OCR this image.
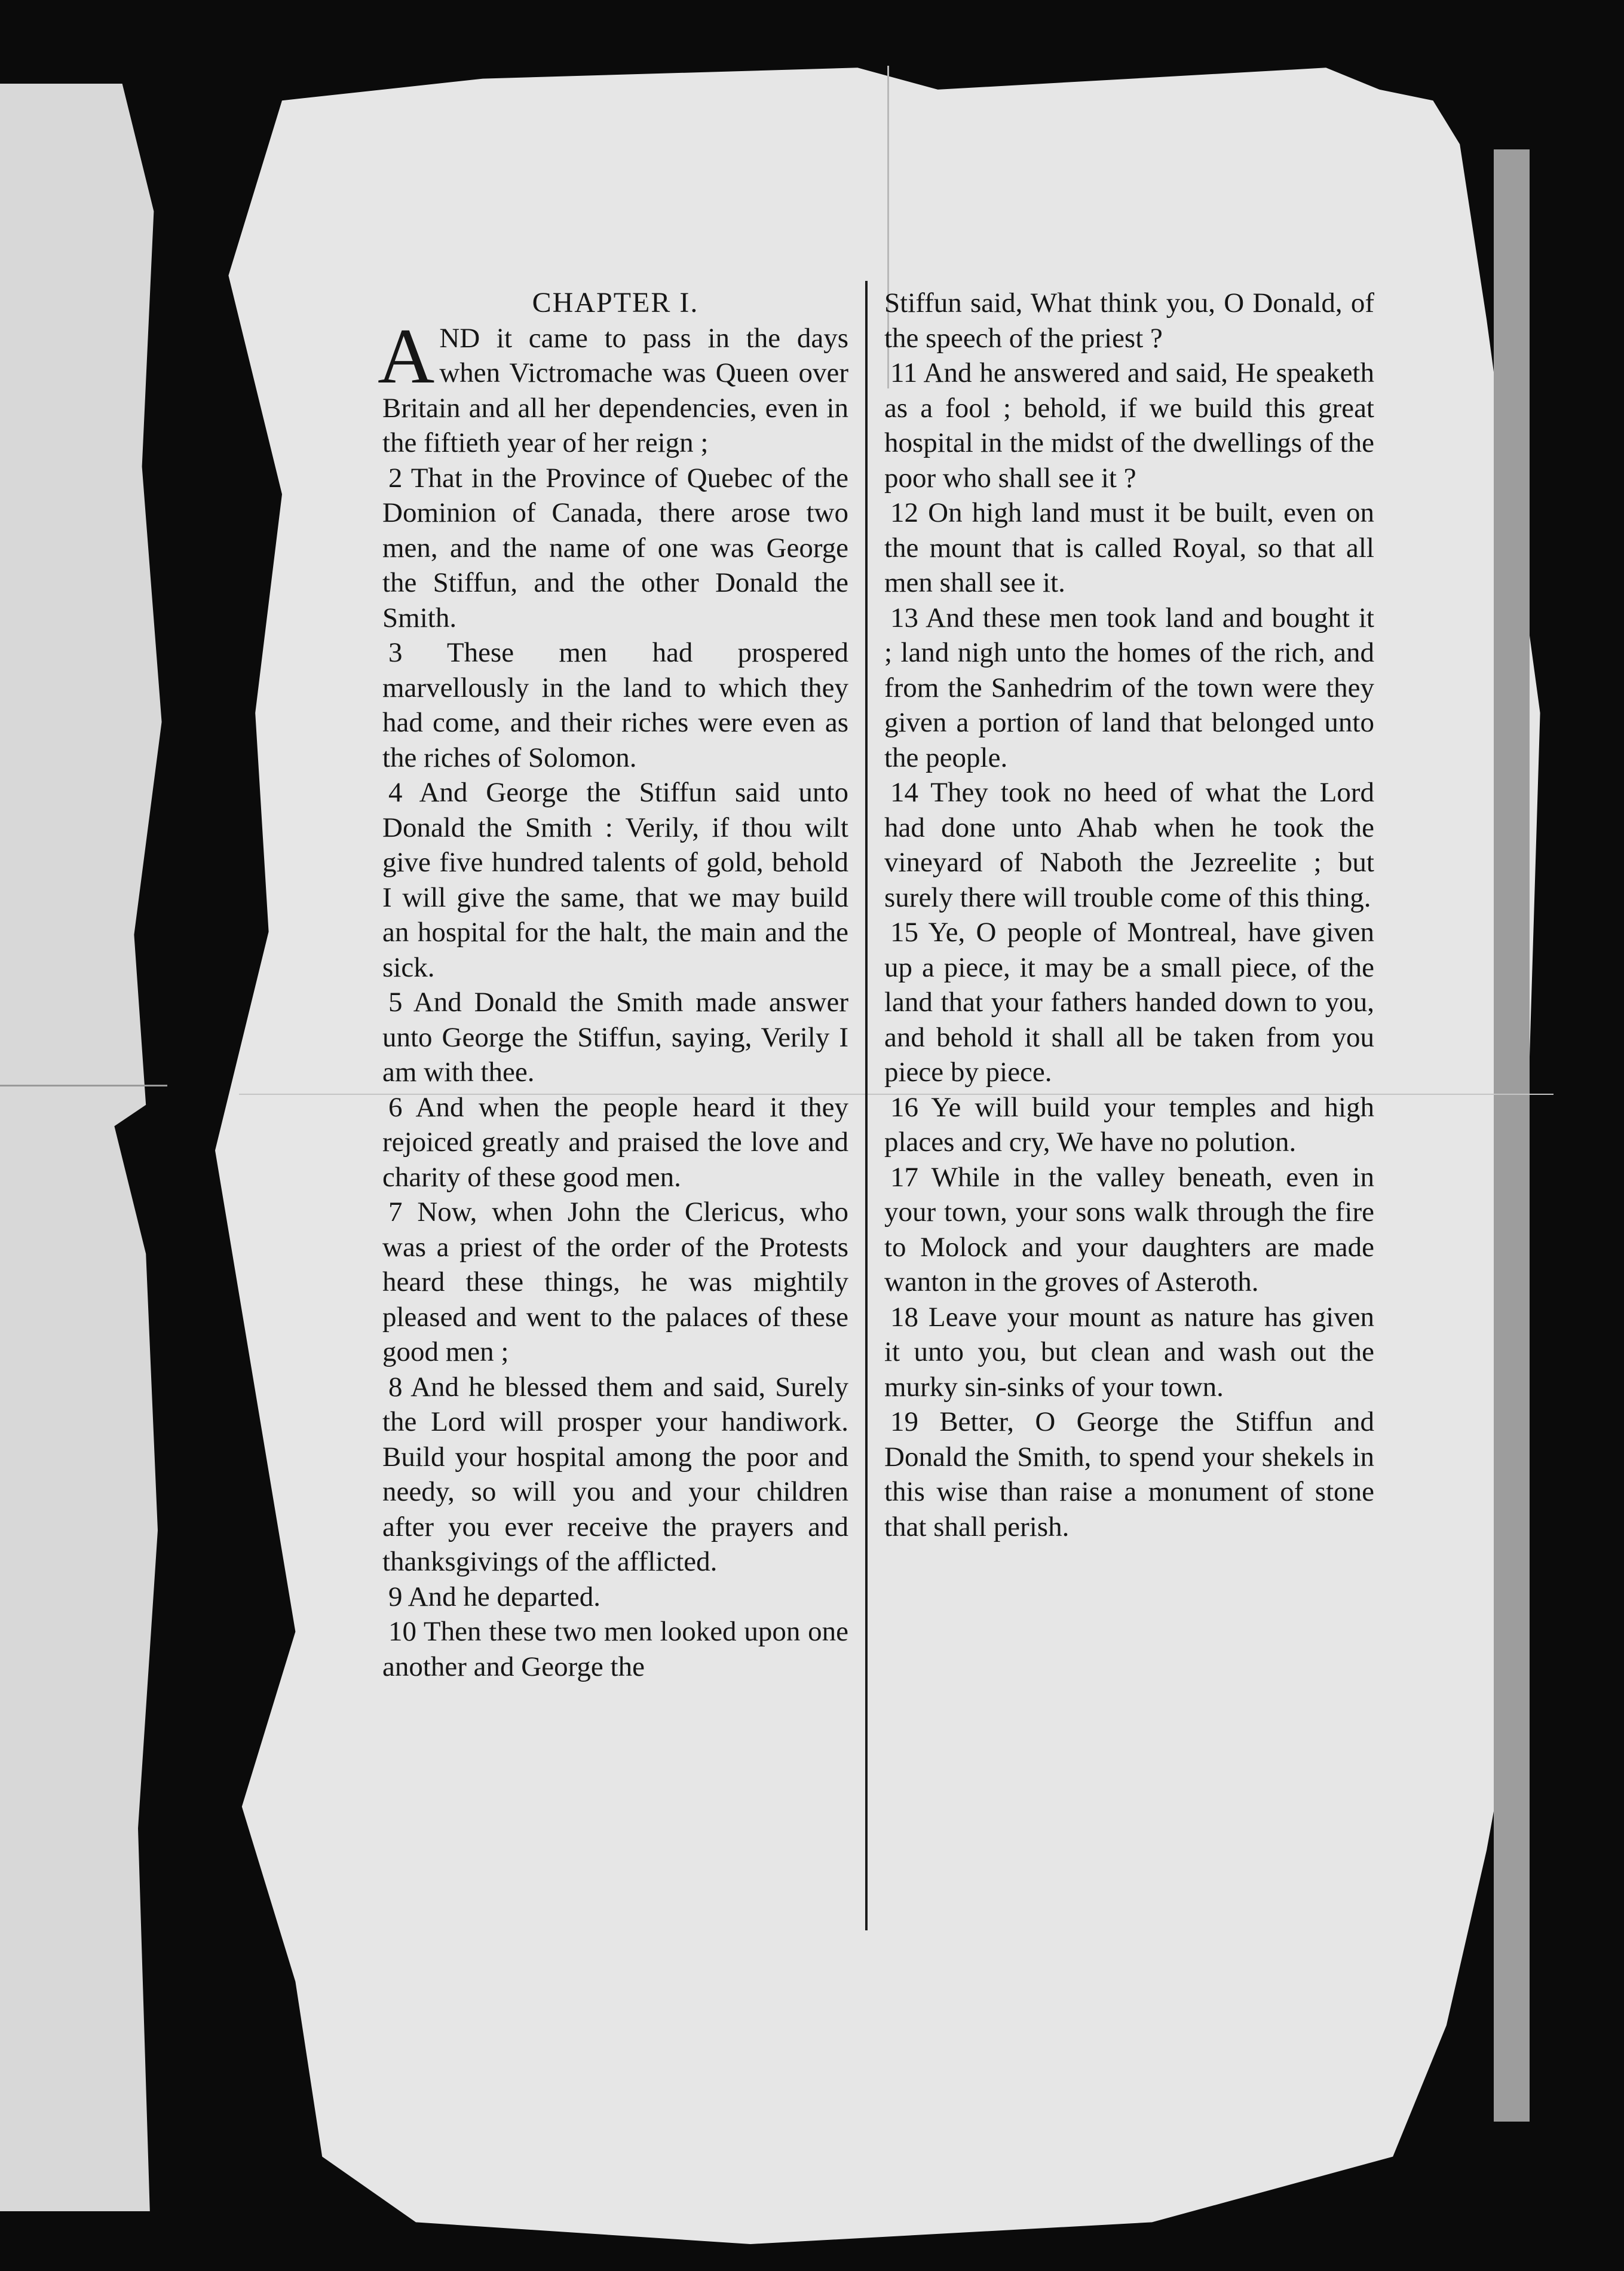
CHAPTER I.

AND it came to pass in the days when Victromache was Queen over Britain and all her dependencies, even in the fiftieth year of her reign ;

2 That in the Province of Quebec of the Dominion of Canada, there arose two men, and the name of one was George the Stiffun, and the other Donald the Smith.

3 These men had prospered marvellously in the land to which they had come, and their riches were even as the riches of Solomon.

4 And George the Stiffun said unto Donald the Smith : Verily, if thou wilt give five hundred talents of gold, behold I will give the same, that we may build an hospital for the halt, the main and the sick.

5 And Donald the Smith made answer unto George the Stiffun, saying, Verily I am with thee.

6 And when the people heard it they rejoiced greatly and praised the love and charity of these good men.

7 Now, when John the Clericus, who was a priest of the order of the Protests heard these things, he was mightily pleased and went to the palaces of these good men ;

8 And he blessed them and said, Surely the Lord will prosper your handiwork. Build your hospital among the poor and needy, so will you and your children after you ever receive the prayers and thanksgivings of the afflicted.

9 And he departed.

10 Then these two men looked upon one another and George the

Stiffun said, What think you, O Donald, of the speech of the priest ?

11 And he answered and said, He speaketh as a fool ; behold, if we build this great hospital in the midst of the dwellings of the poor who shall see it ?

12 On high land must it be built, even on the mount that is called Royal, so that all men shall see it.

13 And these men took land and bought it ; land nigh unto the homes of the rich, and from the Sanhedrim of the town were they given a portion of land that belonged unto the people.

14 They took no heed of what the Lord had done unto Ahab when he took the vineyard of Naboth the Jezreelite ; but surely there will trouble come of this thing.

15 Ye, O people of Montreal, have given up a piece, it may be a small piece, of the land that your fathers handed down to you, and behold it shall all be taken from you piece by piece.

16 Ye will build your temples and high places and cry, We have no polution.

17 While in the valley beneath, even in your town, your sons walk through the fire to Molock and your daughters are made wanton in the groves of Asteroth.

18 Leave your mount as nature has given it unto you, but clean and wash out the murky sin-sinks of your town.

19 Better, O George the Stiffun and Donald the Smith, to spend your shekels in this wise than raise a monument of stone that shall perish.
